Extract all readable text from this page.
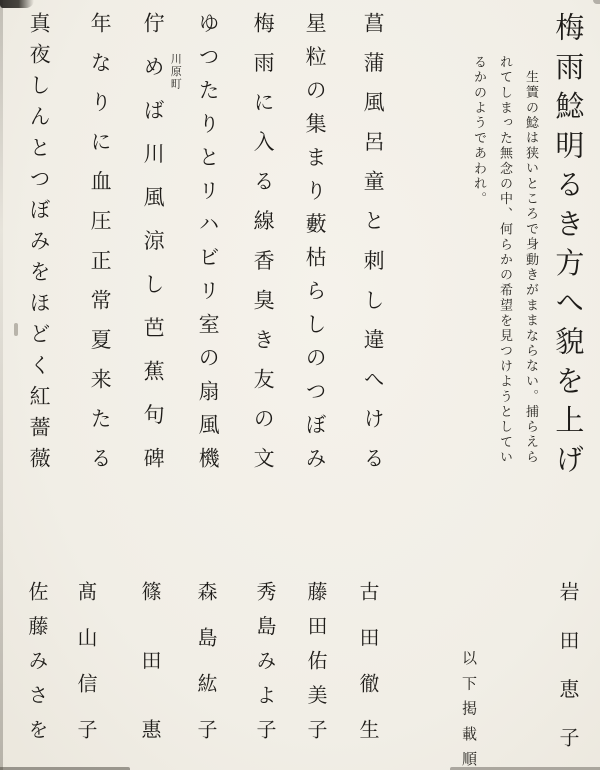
梅雨鯰明るき方へ貌を上げ
生簀の鯰は狭いところで身動きがままならない。捕らえら
れてしまった無念の中、何らかの希望を見つけようとしてい
るかのようであわれ。
岩田恵子
以下掲載順
菖蒲風呂童と刺し違へける
星粒の集まり藪枯らしのつぼみ
梅雨に入る線香臭き友の文
ゆつたりとリハビリ室の扇風機
佇めば川風涼し芭蕉句碑
年なりに血圧正常夏来たる
真夜しんとつぼみをほどく紅薔薇	川原町
古田徹生
藤田佑美子
秀島みよ子
森島紘子
篠田惠
髙山信子
佐藤みさを
